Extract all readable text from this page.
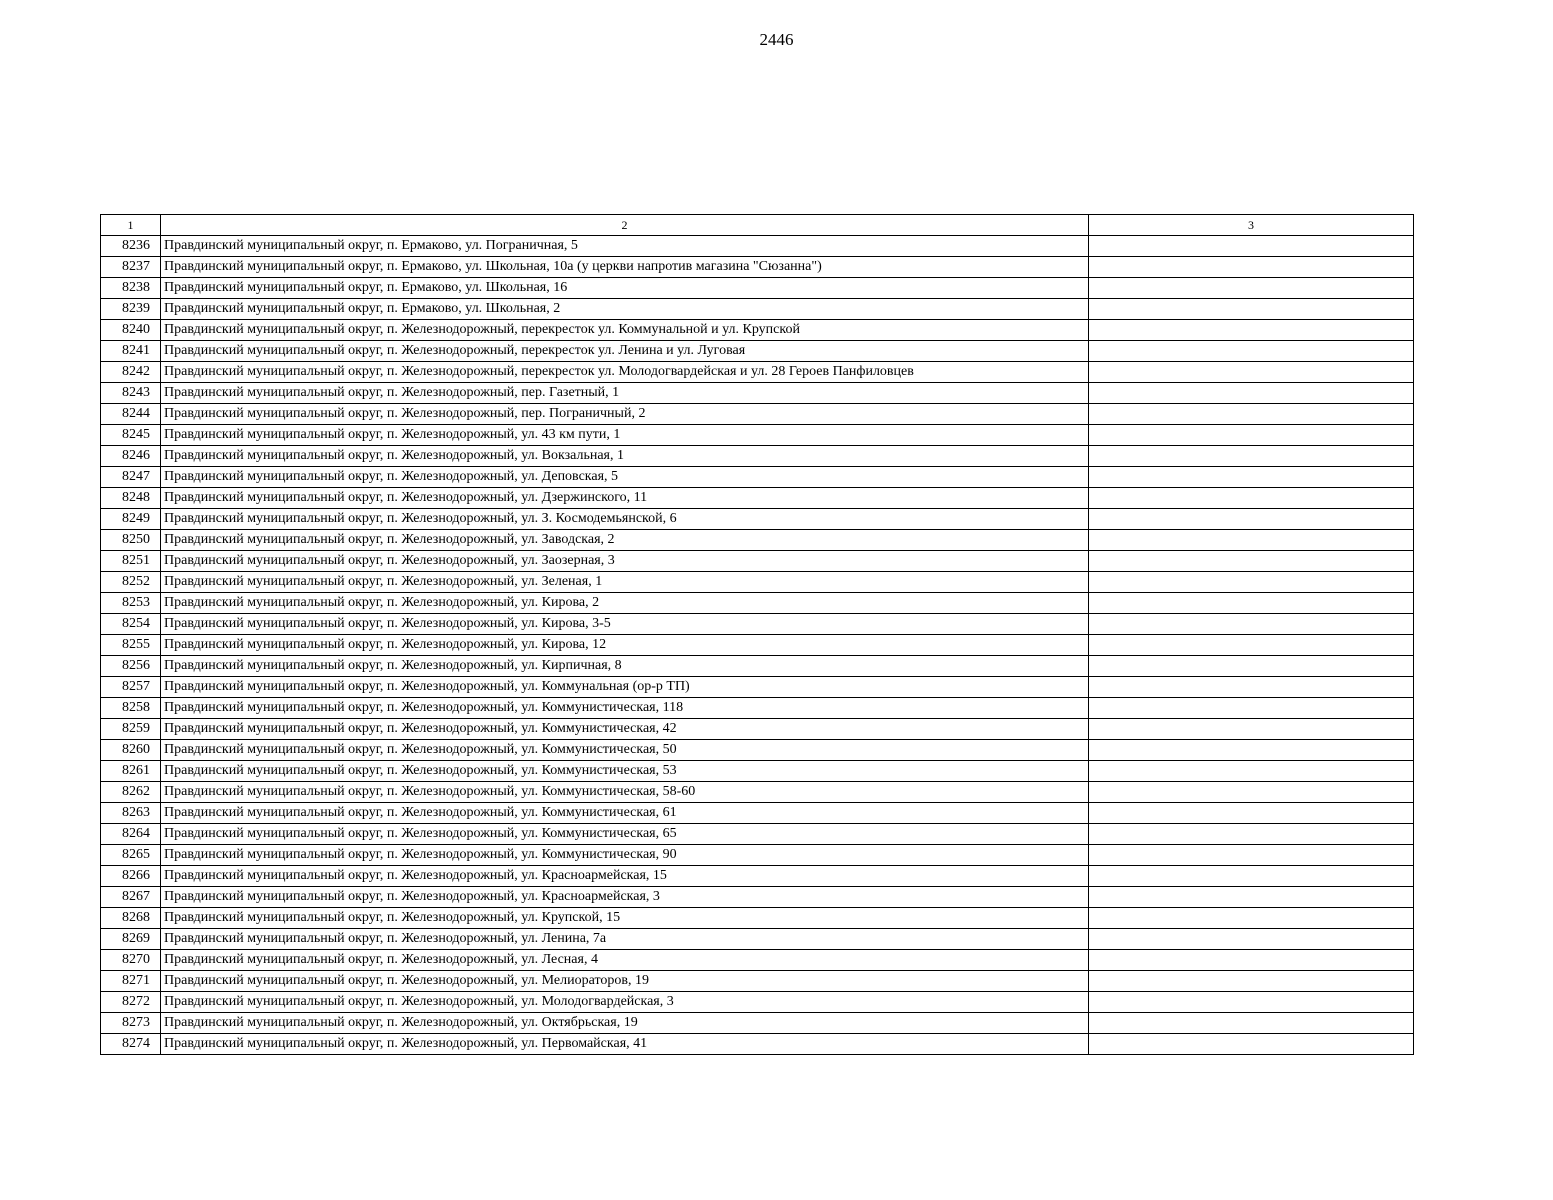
2446
1	2	3
8236	Правдинский муниципальный округ, п. Ермаково, ул. Пограничная, 5	
8237	Правдинский муниципальный округ, п. Ермаково, ул. Школьная, 10а (у церкви напротив магазина "Сюзанна")	
8238	Правдинский муниципальный округ, п. Ермаково, ул. Школьная, 16	
8239	Правдинский муниципальный округ, п. Ермаково, ул. Школьная, 2	
8240	Правдинский муниципальный округ, п. Железнодорожный, перекресток ул. Коммунальной и ул. Крупской	
8241	Правдинский муниципальный округ, п. Железнодорожный, перекресток ул. Ленина и ул. Луговая	
8242	Правдинский муниципальный округ, п. Железнодорожный, перекресток ул. Молодогвардейская и ул. 28 Героев Панфиловцев	
8243	Правдинский муниципальный округ, п. Железнодорожный, пер. Газетный, 1	
8244	Правдинский муниципальный округ, п. Железнодорожный, пер. Пограничный, 2	
8245	Правдинский муниципальный округ, п. Железнодорожный, ул. 43 км пути, 1	
8246	Правдинский муниципальный округ, п. Железнодорожный, ул. Вокзальная, 1	
8247	Правдинский муниципальный округ, п. Железнодорожный, ул. Деповская, 5	
8248	Правдинский муниципальный округ, п. Железнодорожный, ул. Дзержинского, 11	
8249	Правдинский муниципальный округ, п. Железнодорожный, ул. З. Космодемьянской, 6	
8250	Правдинский муниципальный округ, п. Железнодорожный, ул. Заводская, 2	
8251	Правдинский муниципальный округ, п. Железнодорожный, ул. Заозерная, 3	
8252	Правдинский муниципальный округ, п. Железнодорожный, ул. Зеленая, 1	
8253	Правдинский муниципальный округ, п. Железнодорожный, ул. Кирова, 2	
8254	Правдинский муниципальный округ, п. Железнодорожный, ул. Кирова, 3-5	
8255	Правдинский муниципальный округ, п. Железнодорожный, ул. Кирова, 12	
8256	Правдинский муниципальный округ, п. Железнодорожный, ул. Кирпичная, 8	
8257	Правдинский муниципальный округ, п. Железнодорожный, ул. Коммунальная (ор-р ТП)	
8258	Правдинский муниципальный округ, п. Железнодорожный, ул. Коммунистическая, 118	
8259	Правдинский муниципальный округ, п. Железнодорожный, ул. Коммунистическая, 42	
8260	Правдинский муниципальный округ, п. Железнодорожный, ул. Коммунистическая, 50	
8261	Правдинский муниципальный округ, п. Железнодорожный, ул. Коммунистическая, 53	
8262	Правдинский муниципальный округ, п. Железнодорожный, ул. Коммунистическая, 58-60	
8263	Правдинский муниципальный округ, п. Железнодорожный, ул. Коммунистическая, 61	
8264	Правдинский муниципальный округ, п. Железнодорожный, ул. Коммунистическая, 65	
8265	Правдинский муниципальный округ, п. Железнодорожный, ул. Коммунистическая, 90	
8266	Правдинский муниципальный округ, п. Железнодорожный, ул. Красноармейская, 15	
8267	Правдинский муниципальный округ, п. Железнодорожный, ул. Красноармейская, 3	
8268	Правдинский муниципальный округ, п. Железнодорожный, ул. Крупской, 15	
8269	Правдинский муниципальный округ, п. Железнодорожный, ул. Ленина, 7а	
8270	Правдинский муниципальный округ, п. Железнодорожный, ул. Лесная, 4	
8271	Правдинский муниципальный округ, п. Железнодорожный, ул. Мелиораторов, 19	
8272	Правдинский муниципальный округ, п. Железнодорожный, ул. Молодогвардейская, 3	
8273	Правдинский муниципальный округ, п. Железнодорожный, ул. Октябрьская, 19	
8274	Правдинский муниципальный округ, п. Железнодорожный, ул. Первомайская, 41	
